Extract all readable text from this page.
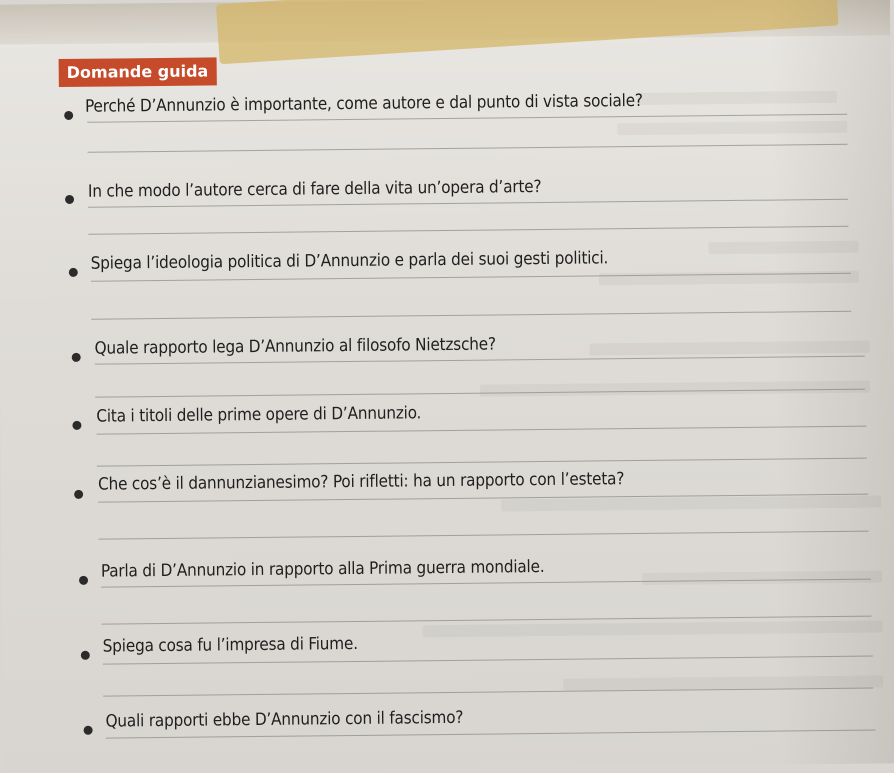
Domande guida
Perché D’Annunzio è importante, come autore e dal punto di vista sociale?
In che modo l’autore cerca di fare della vita un’opera d’arte?
Spiega l’ideologia politica di D’Annunzio e parla dei suoi gesti politici.
Quale rapporto lega D’Annunzio al filosofo Nietzsche?
Cita i titoli delle prime opere di D’Annunzio.
Che cos’è il dannunzianesimo? Poi rifletti: ha un rapporto con l’esteta?
Parla di D’Annunzio in rapporto alla Prima guerra mondiale.
Spiega cosa fu l’impresa di Fiume.
Quali rapporti ebbe D’Annunzio con il fascismo?
